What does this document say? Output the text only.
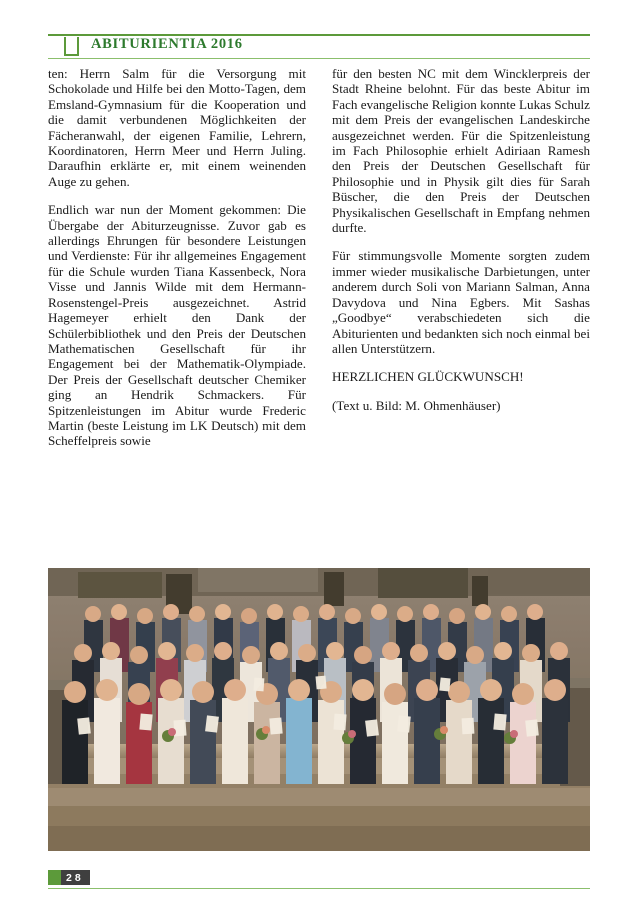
ABITURIENTIA 2016

ten: Herrn Salm für die Versorgung mit Schokolade und Hilfe bei den Motto-Tagen, dem Emsland-Gymnasium für die Kooperation und die damit verbundenen Möglichkeiten der Fächeranwahl, der eigenen Familie, Lehrern, Koordinatoren, Herrn Meer und Herrn Juling. Daraufhin erklärte er, mit einem weinenden Auge zu gehen.

Endlich war nun der Moment gekommen: Die Übergabe der Abiturzeugnisse. Zuvor gab es allerdings Ehrungen für besondere Leistungen und Verdienste: Für ihr allgemeines Engagement für die Schule wurden Tiana Kassenbeck, Nora Visse und Jannis Wilde mit dem Hermann-Rosenstengel-Preis ausgezeichnet. Astrid Hagemeyer erhielt den Dank der Schülerbibliothek und den Preis der Deutschen Mathematischen Gesellschaft für ihr Engagement bei der Mathematik-Olympiade. Der Preis der Gesellschaft deutscher Chemiker ging an Hendrik Schmackers. Für Spitzenleistungen im Abitur wurde Frederic Martin (beste Leistung im LK Deutsch) mit dem Scheffelpreis sowie

für den besten NC mit dem Wincklerpreis der Stadt Rheine belohnt. Für das beste Abitur im Fach evangelische Religion konnte Lukas Schulz mit dem Preis der evangelischen Landeskirche ausgezeichnet werden. Für die Spitzenleistung im Fach Philosophie erhielt Adiriaan Ramesh den Preis der Deutschen Gesellschaft für Philosophie und in Physik gilt dies für Sarah Büscher, die den Preis der Deutschen Physikalischen Gesellschaft in Empfang nehmen durfte.

Für stimmungsvolle Momente sorgten zudem immer wieder musikalische Darbietungen, unter anderem durch Soli von Mariann Salman, Anna Davydova und Nina Egbers. Mit Sashas „Goodbye“ verabschiedeten sich die Abiturienten und bedankten sich noch einmal bei allen Unterstützern.

HERZLICHEN GLÜCKWUNSCH!

(Text u. Bild: M. Ohmenhäuser)

28
